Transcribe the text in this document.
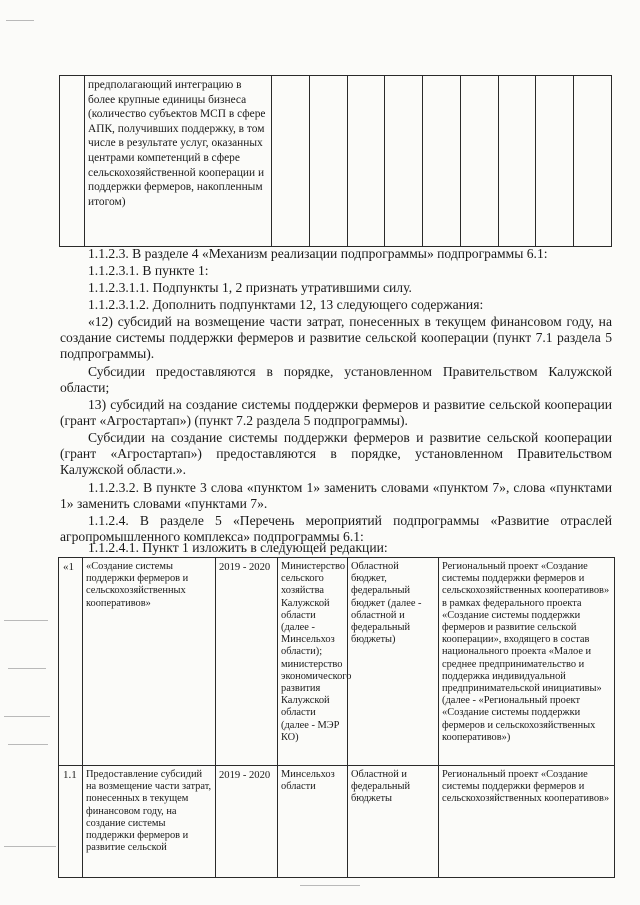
	предполагающий интеграцию в более крупные единицы бизнеса (количество субъектов МСП в сфере АПК, получивших поддержку, в том числе в результате услуг, оказанных центрами компетенций в сфере сельскохозяйственной кооперации и поддержки фермеров, накопленным итогом)									

1.1.2.3. В разделе 4 «Механизм реализации подпрограммы» подпрограммы 6.1:

1.1.2.3.1. В пункте 1:

1.1.2.3.1.1. Подпункты 1, 2 признать утратившими силу.

1.1.2.3.1.2. Дополнить подпунктами 12, 13 следующего содержания:

«12) субсидий на возмещение части затрат, понесенных в текущем финансовом году, на создание системы поддержки фермеров и развитие сельской кооперации (пункт 7.1 раздела 5 подпрограммы).

Субсидии предоставляются в порядке, установленном Правительством Калужской области;

13) субсидий на создание системы поддержки фермеров и развитие сельской кооперации (грант «Агростартап») (пункт 7.2 раздела 5 подпрограммы).

Субсидии на создание системы поддержки фермеров и развитие сельской кооперации (грант «Агростартап») предоставляются в порядке, установленном Правительством Калужской области.».

1.1.2.3.2. В пункте 3 слова «пунктом 1» заменить словами «пунктом 7», слова «пунктами 1» заменить словами «пунктами 7».

1.1.2.4. В разделе 5 «Перечень мероприятий подпрограммы «Развитие отраслей агропромышленного комплекса» подпрограммы 6.1:

1.1.2.4.1. Пункт 1 изложить в следующей редакции:

«1	«Создание системы поддержки фермеров и сельскохозяйственных кооперативов»	2019 - 2020	Министерство сельского хозяйства Калужской области (далее - Минсельхоз области); министерство экономического развития Калужской области (далее - МЭР КО)	Областной бюджет, федеральный бюджет (далее - областной и федеральный бюджеты)	Региональный проект «Создание системы поддержки фермеров и сельскохозяйственных кооперативов» в рамках федерального проекта «Создание системы поддержки фермеров и развитие сельской кооперации», входящего в состав национального проекта «Малое и среднее предпринимательство и поддержка индивидуальной предпринимательской инициативы» (далее - «Региональный проект «Создание системы поддержки фермеров и сельскохозяйственных кооперативов»)
1.1	Предоставление субсидий на возмещение части затрат, понесенных в текущем финансовом году, на создание системы поддержки фермеров и развитие сельской	2019 - 2020	Минсельхоз области	Областной и федеральный бюджеты	Региональный проект «Создание системы поддержки фермеров и сельскохозяйственных кооперативов»
